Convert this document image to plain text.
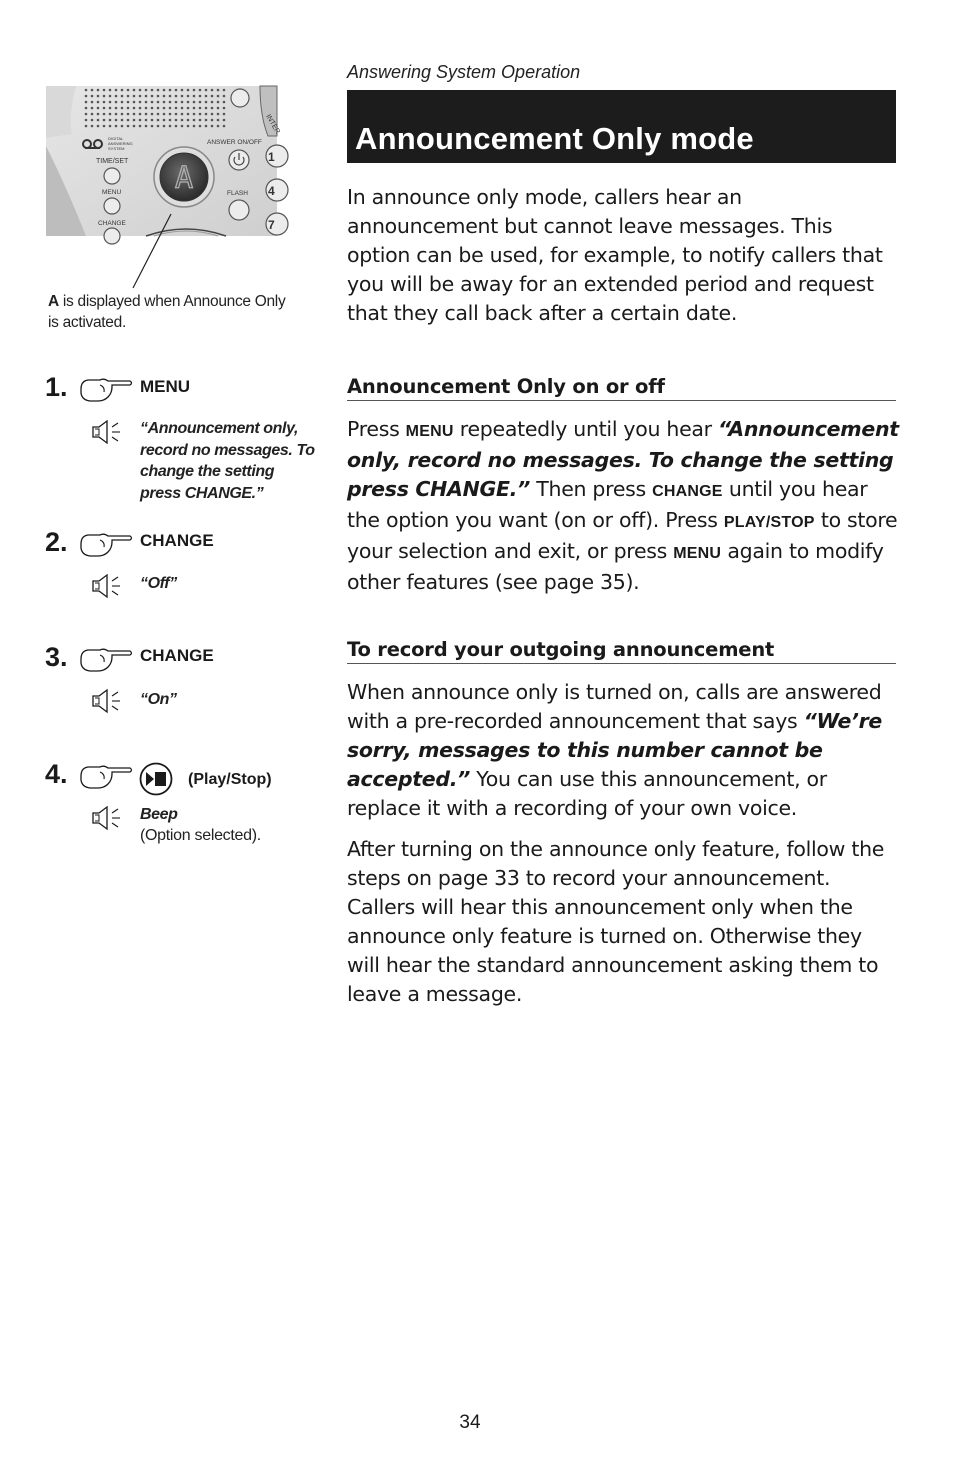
Answering System Operation
Announcement Only mode
In announce only mode, callers hear an announcement but cannot leave messages. This option can be used, for example, to notify callers that you will be away for an extended period and request that they call back after a certain date.
INTER
1
4
7
DIGITAL
ANSWERING
SYSTEM
TIME/SET
MENU
CHANGE
A
ANSWER ON/OFF
FLASH
A is displayed when Announce Only is activated.
1.	MENU
“Announcement only, record no messages. To change the setting press CHANGE.”
2.	CHANGE
“Off”
3.	CHANGE
“On”
4.	(Play/Stop)
Beep
(Option selected).
Announcement Only on or off
Press MENU repeatedly until you hear “Announcement only, record no messages. To change the setting press CHANGE.” Then press CHANGE until you hear the option you want (on or off). Press PLAY/STOP to store your selection and exit, or press MENU again to modify other features (see page 35).
To record your outgoing announcement
When announce only is turned on, calls are answered with a pre-recorded announcement that says “We’re sorry, messages to this number cannot be accepted.” You can use this announcement, or replace it with a recording of your own voice.
After turning on the announce only feature, follow the steps on page 33 to record your announcement. Callers will hear this announcement only when the announce only feature is turned on. Otherwise they will hear the standard announcement asking them to leave a message.
34
